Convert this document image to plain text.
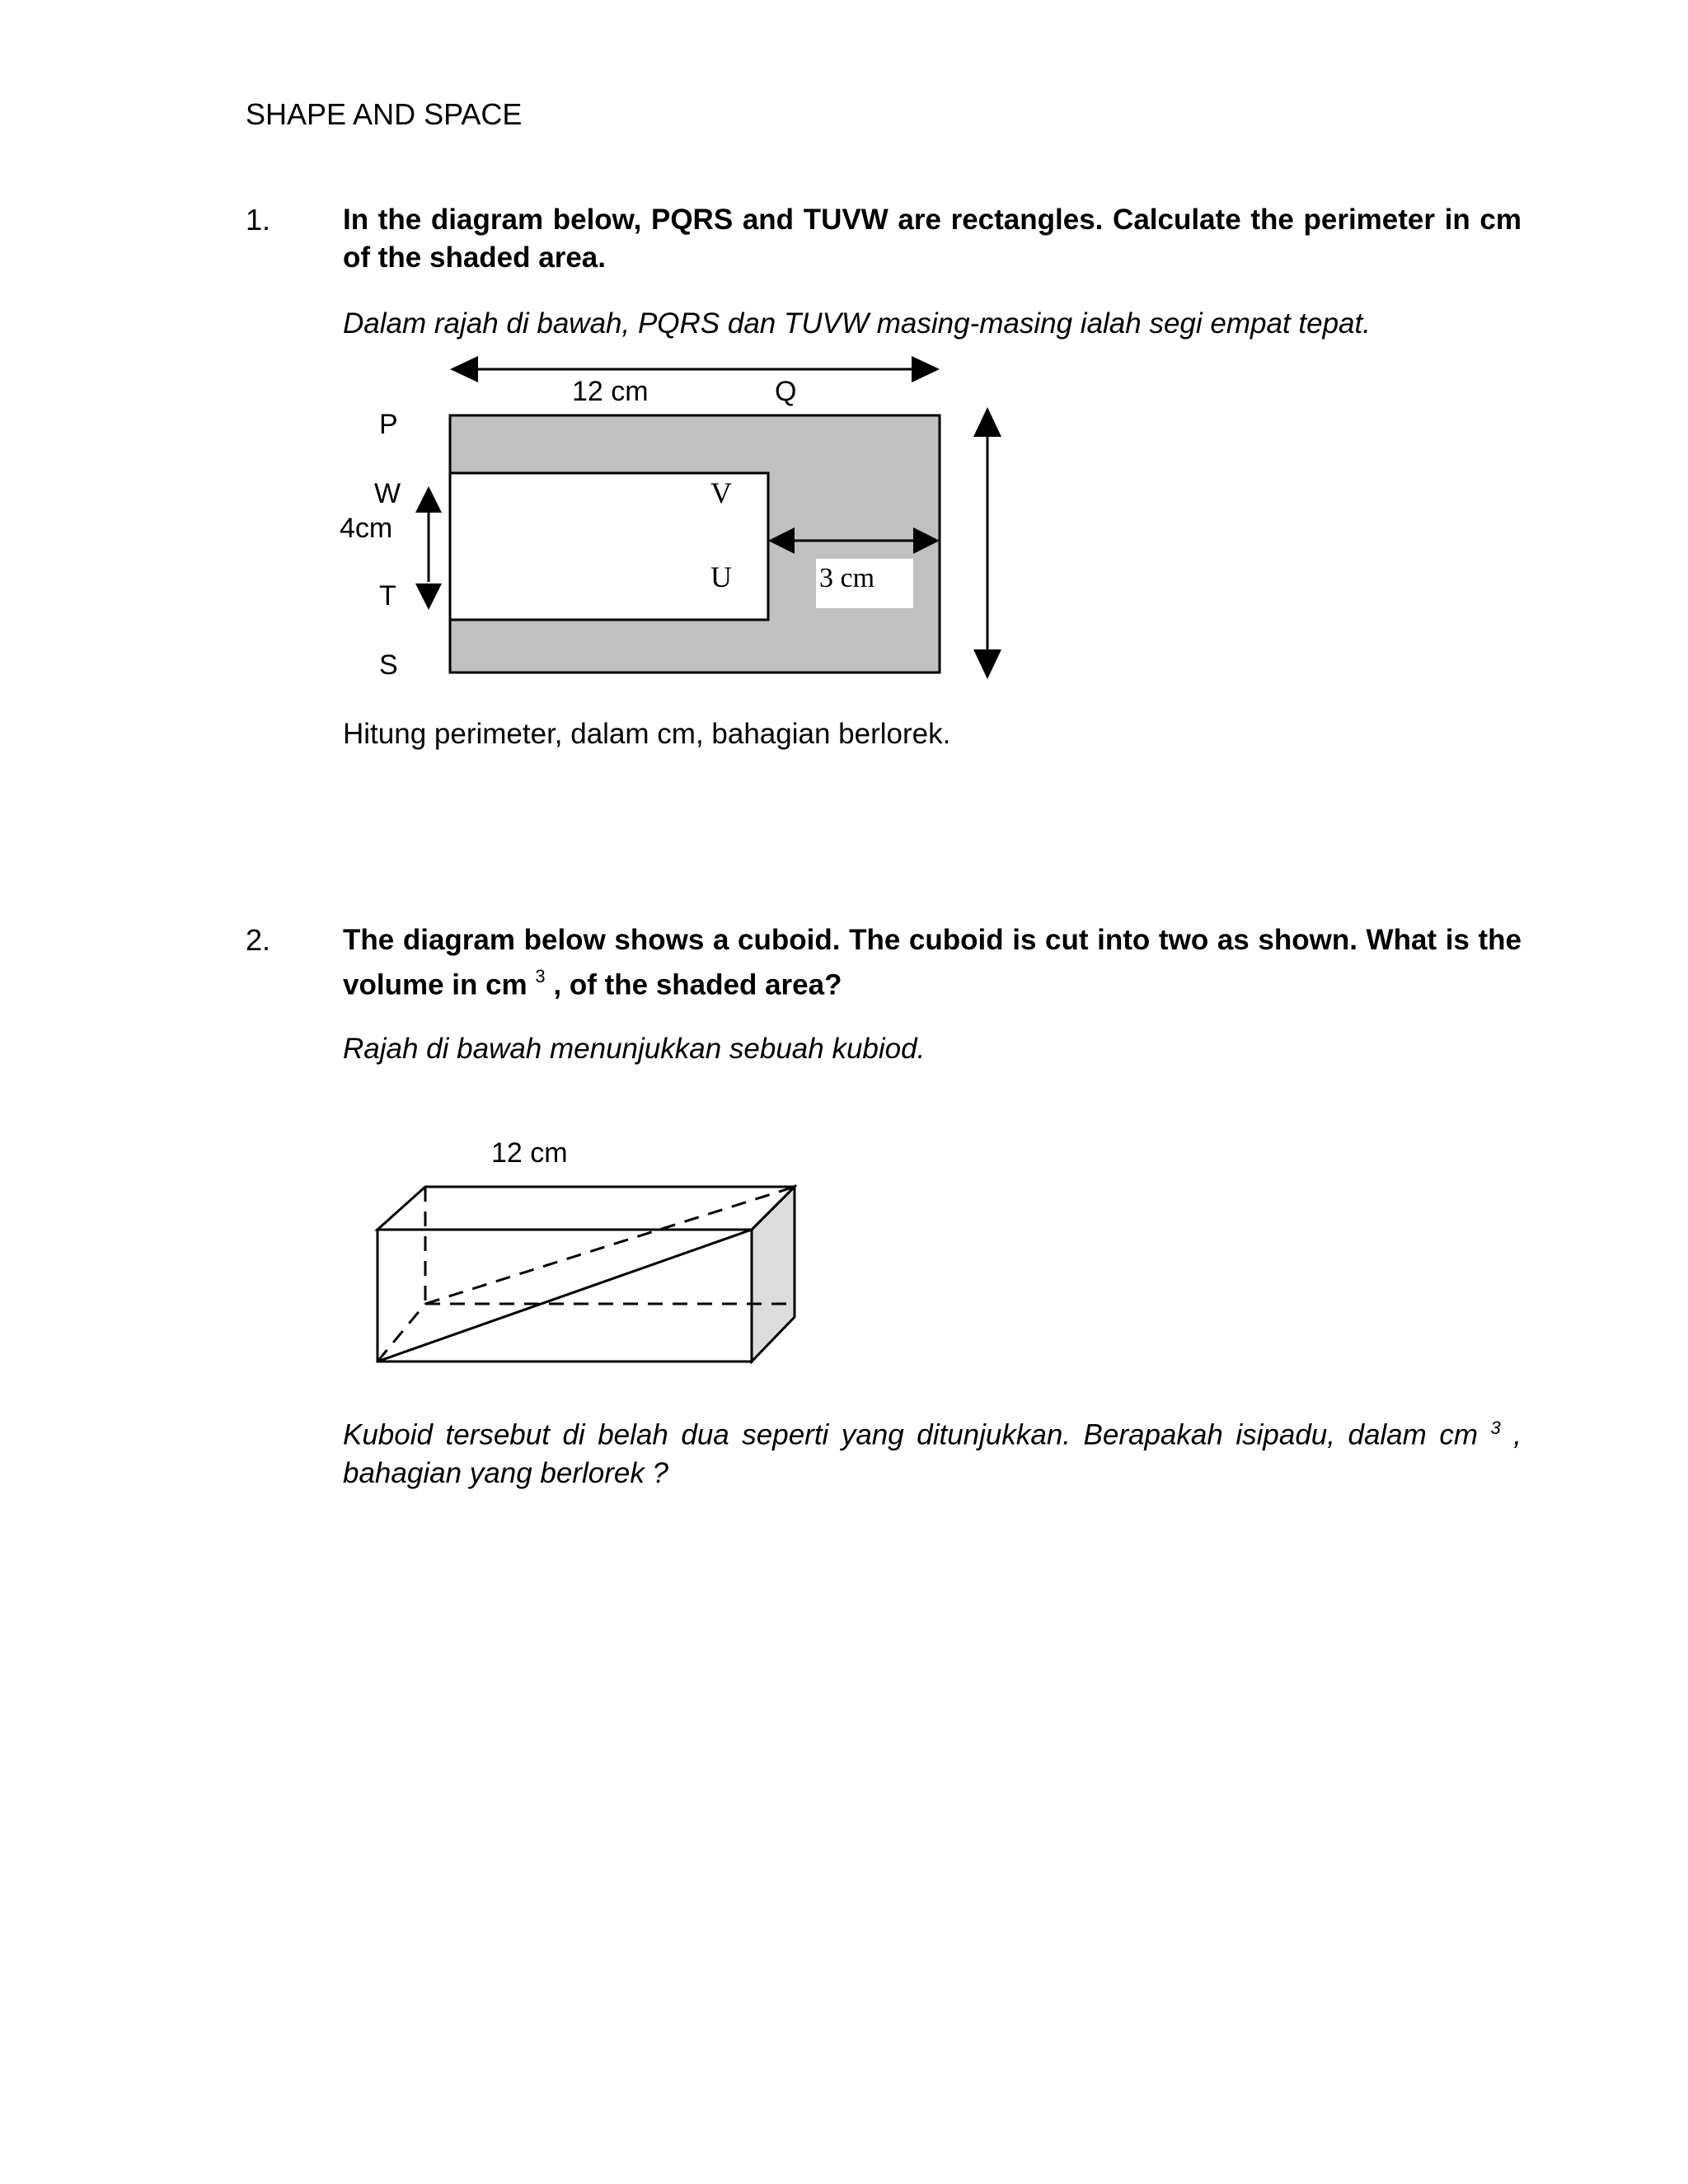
SHAPE AND SPACE
1.	In the diagram below, PQRS and TUVW are rectangles. Calculate the perimeter in cm of the shaded area.
Dalam rajah di bawah, PQRS dan TUVW masing-masing ialah segi empat tepat.
12 cm	Q
P
W
4cm
T
S
V
U	3 cm
12 cm
Hitung perimeter, dalam cm, bahagian berlorek.
2.	The diagram below shows a cuboid. The cuboid is cut into two as shown. What is the volume in cm $^3$ , of the shaded area?
Rajah di bawah menunjukkan sebuah kubiod.
Kuboid tersebut di belah dua seperti yang ditunjukkan. Berapakah isipadu, dalam cm $^3$ , bahagian yang berlorek ?
